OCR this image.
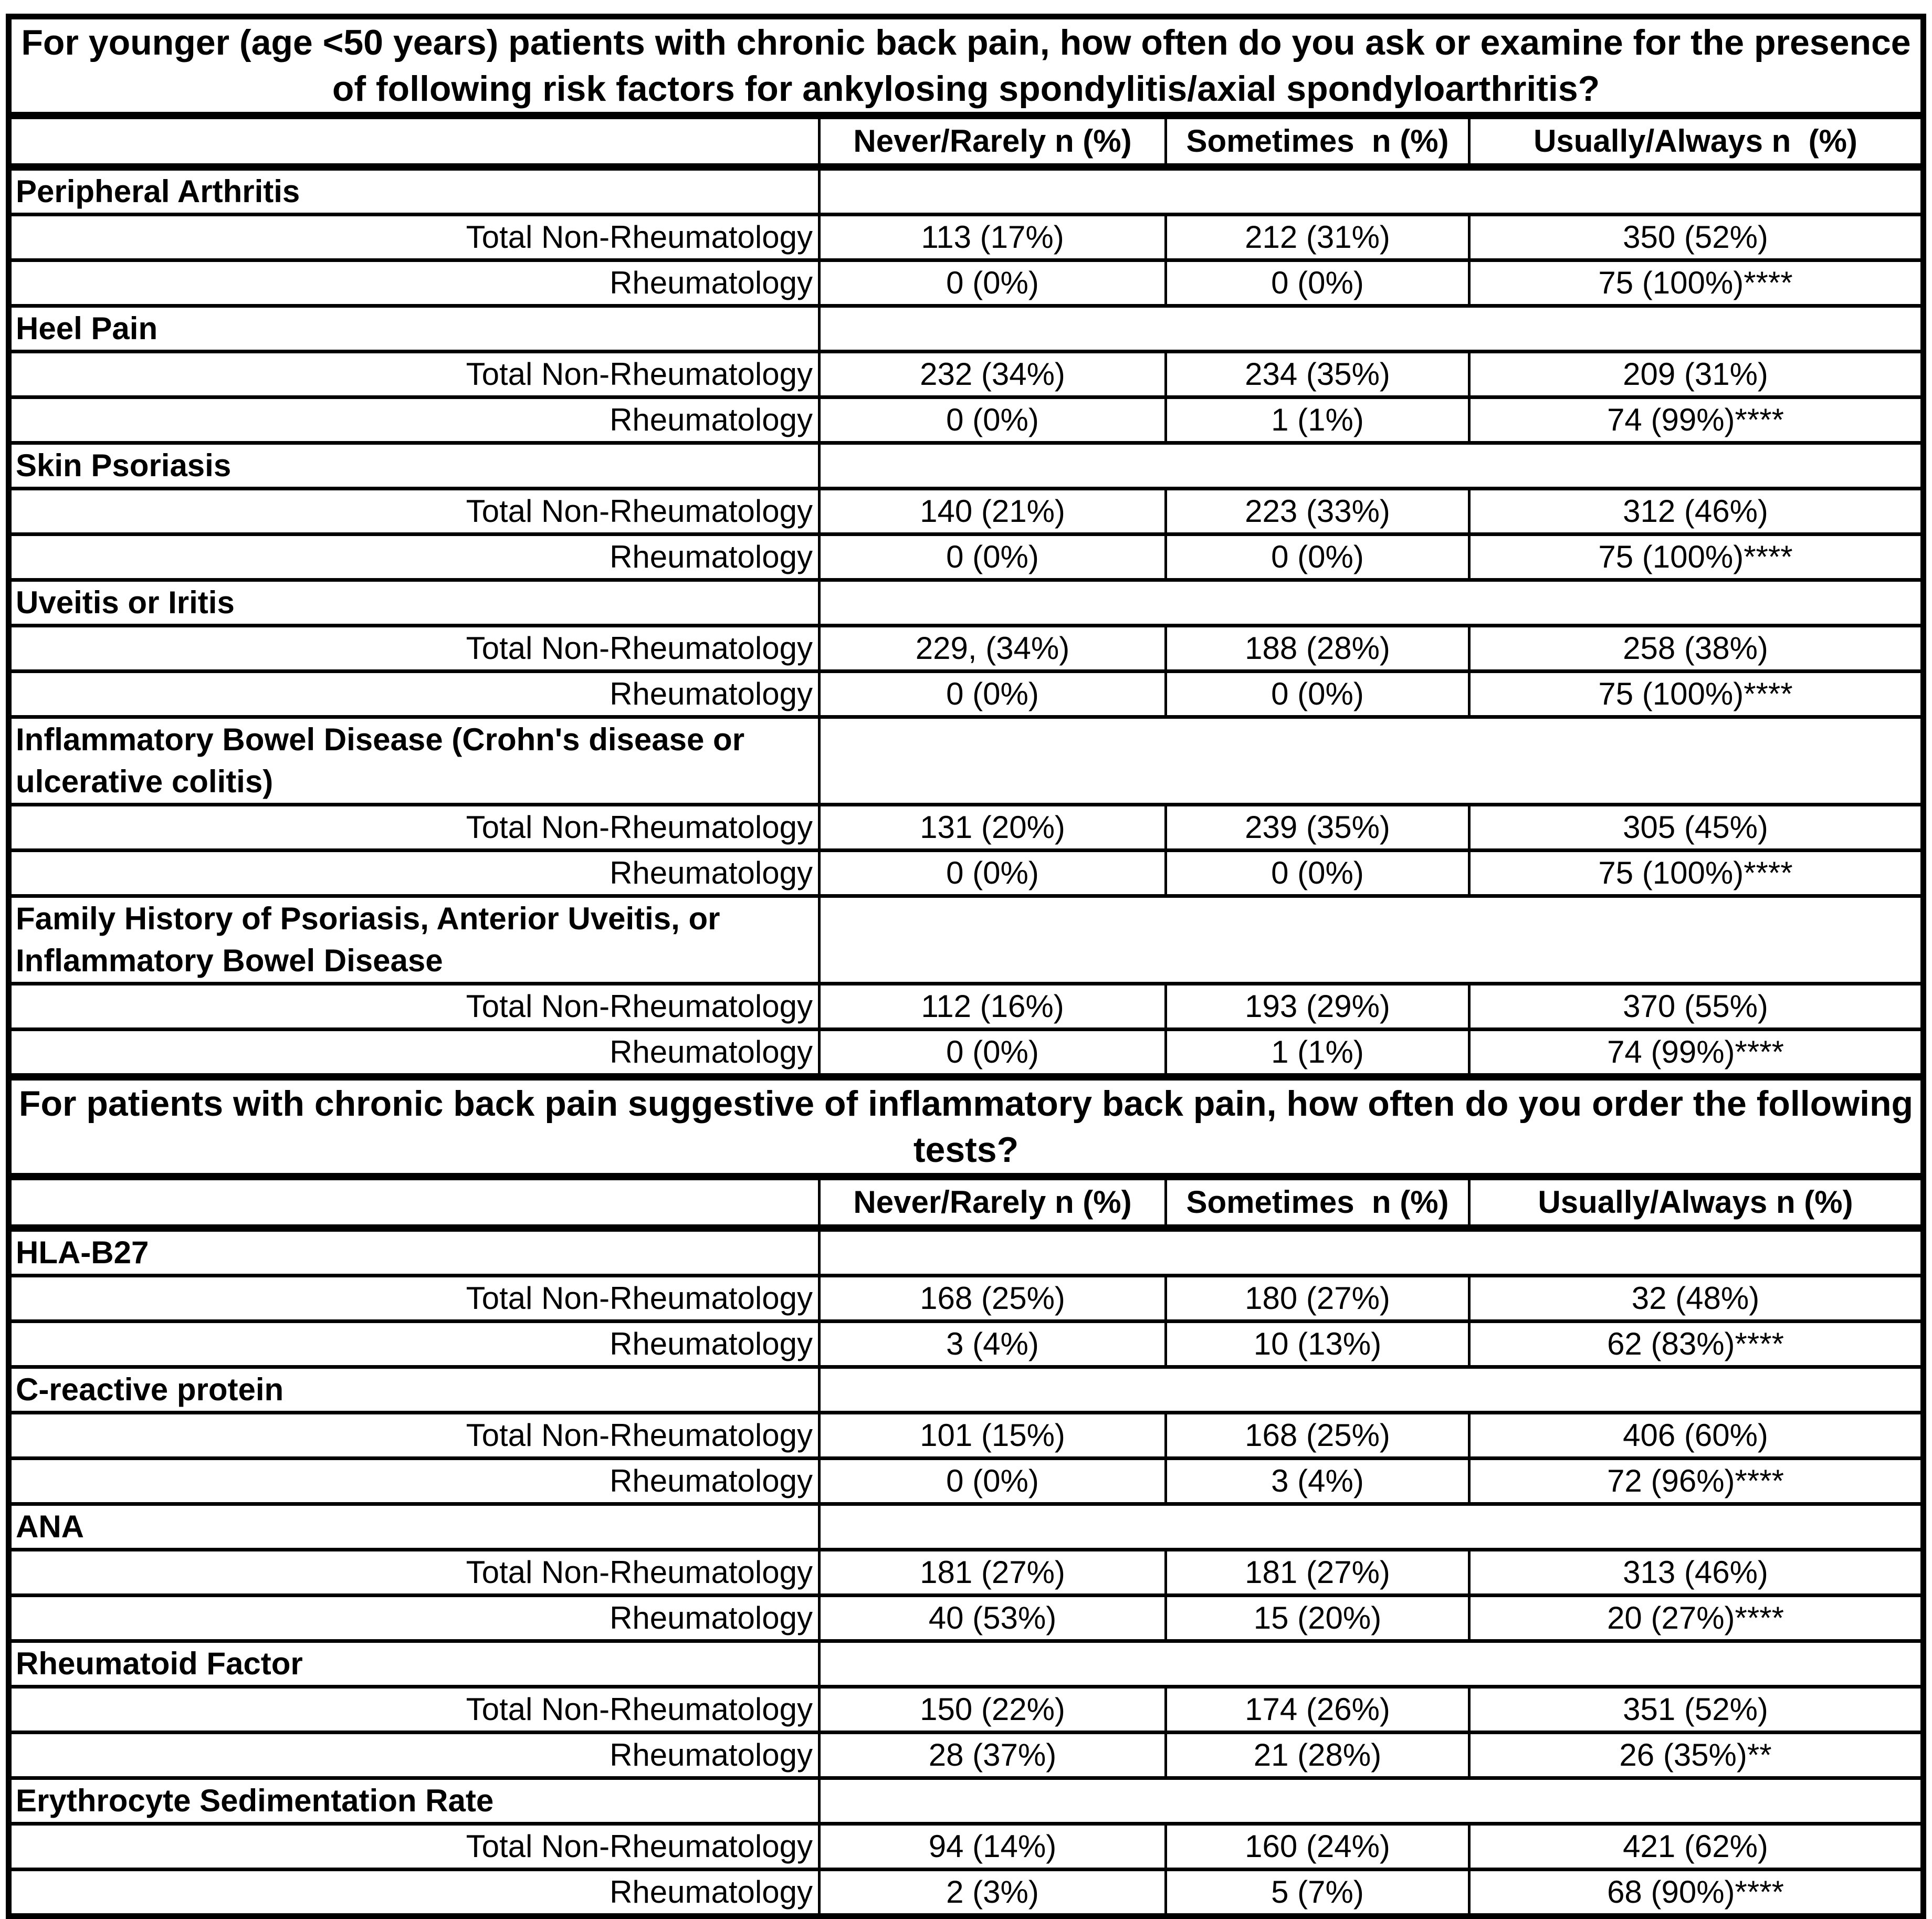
For younger (age <50 years) patients with chronic back pain, how often do you ask or examine for the presence of following risk factors for ankylosing spondylitis/axial spondyloarthritis?
Never/Rarely n (%)	Sometimes  n (%)	Usually/Always n  (%)
Peripheral Arthritis
Total Non-Rheumatology	113 (17%)	212 (31%)	350 (52%)
Rheumatology	0 (0%)	0 (0%)	75 (100%)****
Heel Pain
Total Non-Rheumatology	232 (34%)	234 (35%)	209 (31%)
Rheumatology	0 (0%)	1 (1%)	74 (99%)****
Skin Psoriasis
Total Non-Rheumatology	140 (21%)	223 (33%)	312 (46%)
Rheumatology	0 (0%)	0 (0%)	75 (100%)****
Uveitis or Iritis
Total Non-Rheumatology	229, (34%)	188 (28%)	258 (38%)
Rheumatology	0 (0%)	0 (0%)	75 (100%)****
Inflammatory Bowel Disease (Crohn's disease or ulcerative colitis)
Total Non-Rheumatology	131 (20%)	239 (35%)	305 (45%)
Rheumatology	0 (0%)	0 (0%)	75 (100%)****
Family History of Psoriasis, Anterior Uveitis, or Inflammatory Bowel Disease
Total Non-Rheumatology	112 (16%)	193 (29%)	370 (55%)
Rheumatology	0 (0%)	1 (1%)	74 (99%)****
For patients with chronic back pain suggestive of inflammatory back pain, how often do you order the following tests?
Never/Rarely n (%)	Sometimes  n (%)	Usually/Always n (%)
HLA-B27
Total Non-Rheumatology	168 (25%)	180 (27%)	32 (48%)
Rheumatology	3 (4%)	10 (13%)	62 (83%)****
C-reactive protein
Total Non-Rheumatology	101 (15%)	168 (25%)	406 (60%)
Rheumatology	0 (0%)	3 (4%)	72 (96%)****
ANA
Total Non-Rheumatology	181 (27%)	181 (27%)	313 (46%)
Rheumatology	40 (53%)	15 (20%)	20 (27%)****
Rheumatoid Factor
Total Non-Rheumatology	150 (22%)	174 (26%)	351 (52%)
Rheumatology	28 (37%)	21 (28%)	26 (35%)**
Erythrocyte Sedimentation Rate
Total Non-Rheumatology	94 (14%)	160 (24%)	421 (62%)
Rheumatology	2 (3%)	5 (7%)	68 (90%)****
